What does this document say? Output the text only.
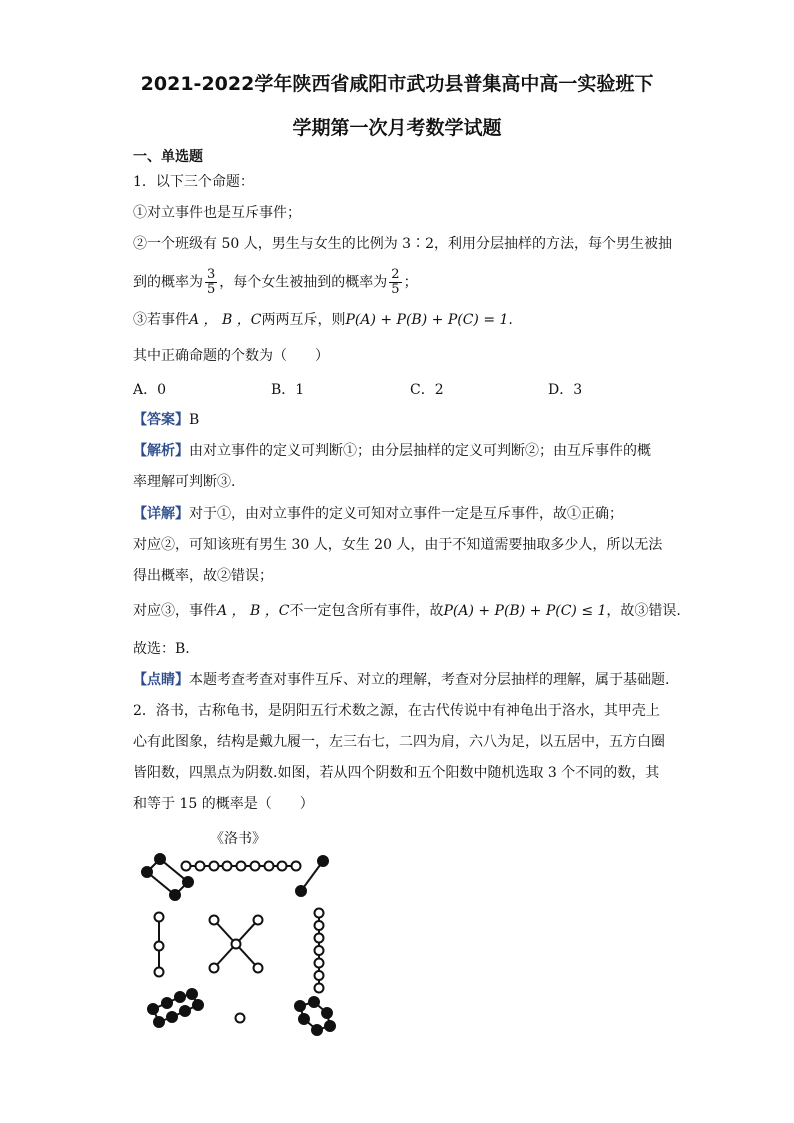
2021-2022学年陕西省咸阳市武功县普集高中高一实验班下
学期第一次月考数学试题
一、单选题
1．以下三个命题：
①对立事件也是互斥事件；
②一个班级有 50 人，男生与女生的比例为 3∶2，利用分层抽样的方法，每个男生被抽
到的概率为 $\frac{3}{5}$ ，每个女生被抽到的概率为 $\frac{2}{5}$ ；
③若事件A ， B ，C两两互斥，则P(A) + P(B) + P(C) = 1.
其中正确命题的个数为（　　）
A．0	B．1	C．2	D．3
【答案】B
【解析】由对立事件的定义可判断①；由分层抽样的定义可判断②；由互斥事件的概
率理解可判断③.
【详解】对于①，由对立事件的定义可知对立事件一定是互斥事件，故①正确；
对应②，可知该班有男生 30 人，女生 20 人，由于不知道需要抽取多少人，所以无法
得出概率，故②错误；
对应③，事件A ， B ，C不一定包含所有事件，故P(A) + P(B) + P(C) ≤ 1，故③错误.
故选：B.
【点睛】本题考查考查对事件互斥、对立的理解，考查对分层抽样的理解，属于基础题.
2．洛书，古称龟书，是阴阳五行术数之源，在古代传说中有神龟出于洛水，其甲壳上
心有此图象，结构是戴九履一，左三右七，二四为肩，六八为足，以五居中，五方白圈
皆阳数，四黑点为阴数.如图，若从四个阴数和五个阳数中随机选取 3 个不同的数，其
和等于 15 的概率是（　　）
《洛书》
